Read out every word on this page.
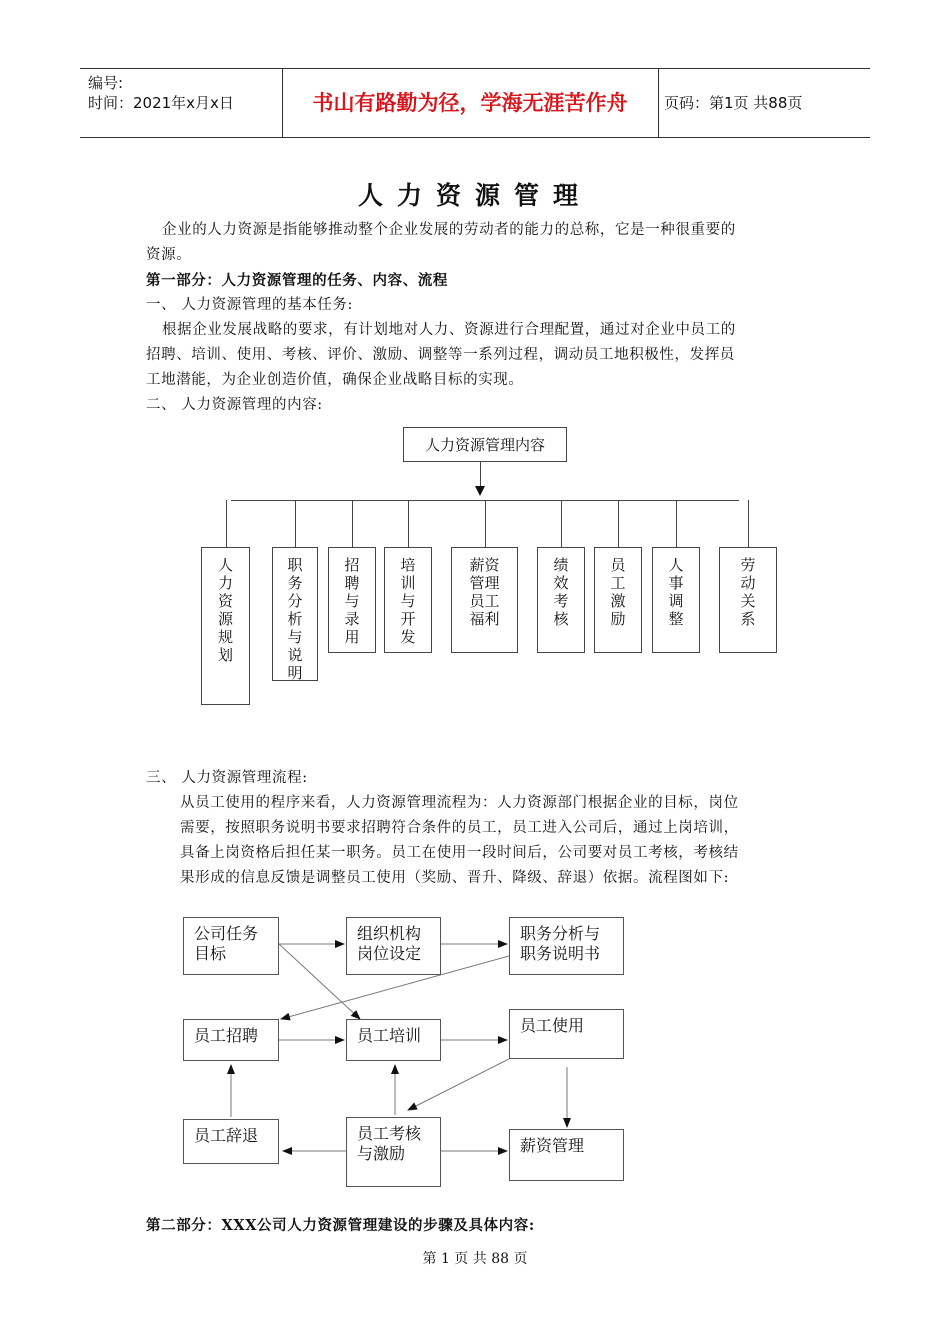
编号:
时间：2021年x月x日	书山有路勤为径，学海无涯苦作舟	页码：第1页 共88页
人力资源管理
企业的人力资源是指能够推动整个企业发展的劳动者的能力的总称，它是一种很重要的
资源。
第一部分：人力资源管理的任务、内容、流程
一、 人力资源管理的基本任务:
根据企业发展战略的要求，有计划地对人力、资源进行合理配置，通过对企业中员工的
招聘、培训、使用、考核、评价、激励、调整等一系列过程，调动员工地积极性，发挥员
工地潜能，为企业创造价值，确保企业战略目标的实现。
二、 人力资源管理的内容:
人力资源管理内容
人
力
资
源
规
划
职
务
分
析
与
说
明
招
聘
与
录
用
培
训
与
开
发
薪资
管理
员工
福利
绩
效
考
核
员
工
激
励
人
事
调
整
劳
动
关
系
三、 人力资源管理流程:
从员工使用的程序来看，人力资源管理流程为：人力资源部门根据企业的目标，岗位
需要，按照职务说明书要求招聘符合条件的员工，员工进入公司后，通过上岗培训，
具备上岗资格后担任某一职务。员工在使用一段时间后，公司要对员工考核，考核结
果形成的信息反馈是调整员工使用（奖励、晋升、降级、辞退）依据。流程图如下:
公司任务目标
组织机构
岗位设定
职务分析与
职务说明书
员工招聘	员工培训
员工使用
员工辞退	员工考核
与激励	薪资管理
第二部分：XXX公司人力资源管理建设的步骤及具体内容:
第 1 页 共 88 页
